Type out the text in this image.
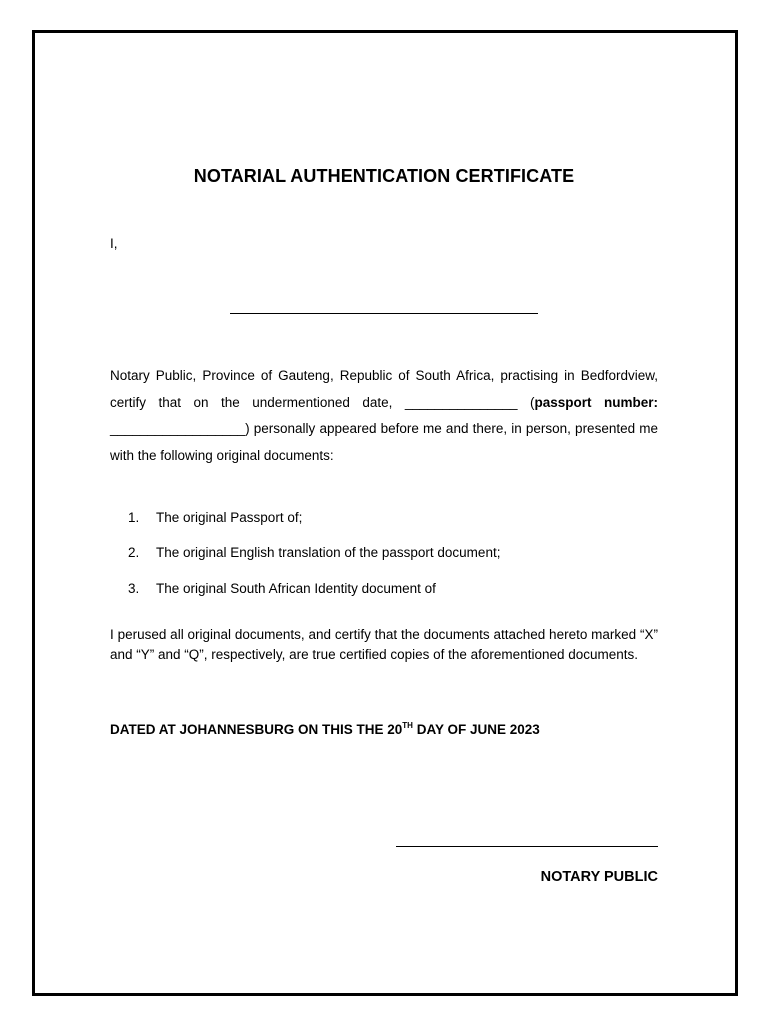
NOTARIAL AUTHENTICATION CERTIFICATE
I,

Notary Public, Province of Gauteng, Republic of South Africa, practising in Bedfordview, certify that on the undermentioned date, _______________ (passport number: __________________) personally appeared before me and there, in person, presented me with the following original documents:

1. The original Passport of;
2. The original English translation of the passport document;
3. The original South African Identity document of

I perused all original documents, and certify that the documents attached hereto marked “X” and “Y” and “Q”, respectively, are true certified copies of the aforementioned documents.

DATED AT JOHANNESBURG ON THIS THE 20TH DAY OF JUNE 2023
NOTARY PUBLIC
